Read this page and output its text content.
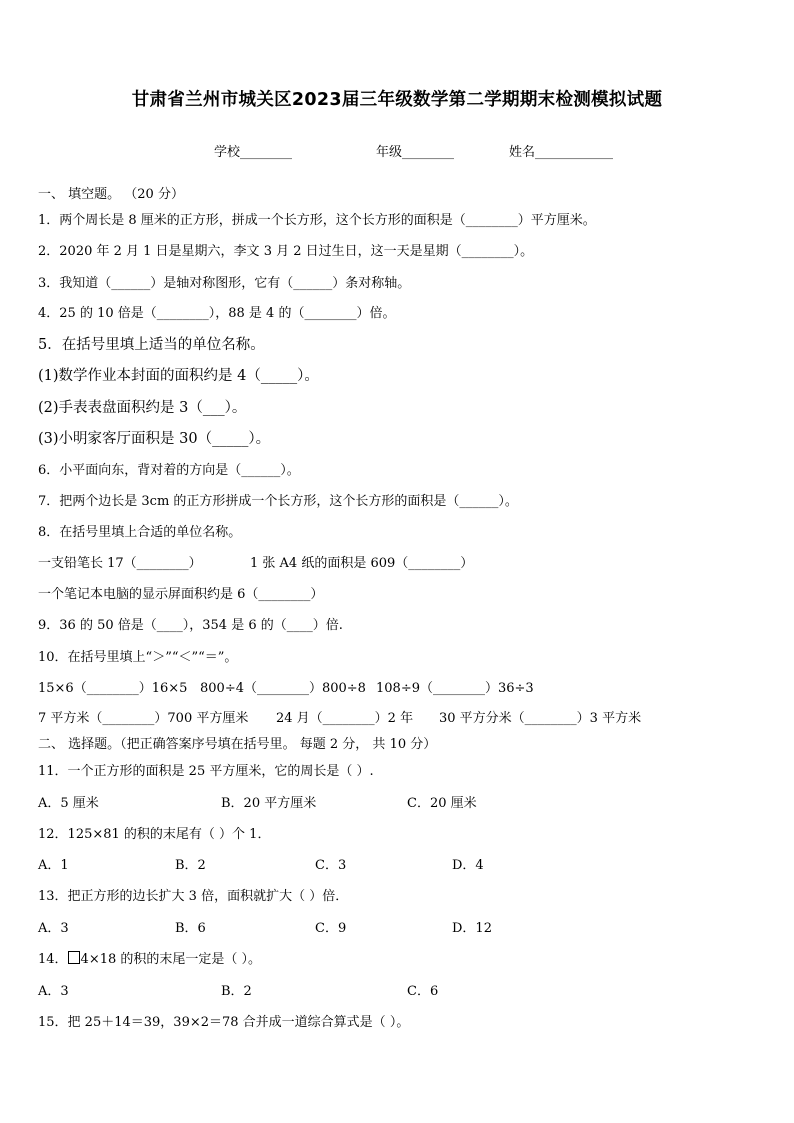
甘肃省兰州市城关区2023届三年级数学第二学期期末检测模拟试题
学校________	年级________	姓名____________
一、 填空题。 （20 分）
1．两个周长是 8 厘米的正方形，拼成一个长方形，这个长方形的面积是（________）平方厘米。
2．2020 年 2 月 1 日是星期六，李文 3 月 2 日过生日，这一天是星期（________）。
3．我知道（______）是轴对称图形，它有（______）条对称轴。
4．25 的 10 倍是（________），88 是 4 的（________）倍。
5．在括号里填上适当的单位名称。
(1)数学作业本封面的面积约是 4（_____）。
(2)手表表盘面积约是 3（___）。
(3)小明家客厅面积是 30（_____）。
6．小平面向东，背对着的方向是（______）。
7．把两个边长是 3cm 的正方形拼成一个长方形，这个长方形的面积是（______）。
8．在括号里填上合适的单位名称。
一支铅笔长 17（________）	1 张 A4 纸的面积是 609（________）
一个笔记本电脑的显示屏面积约是 6（________）
9．36 的 50 倍是（____），354 是 6 的（____）倍.
10．在括号里填上“＞”“＜”“＝”。
15×6（________）16×5 800÷4（________）800÷8 108÷9（________）36÷3
7 平方米（________）700 平方厘米 24 月（________）2 年 30 平方分米（________）3 平方米
二、 选择题。（把正确答案序号填在括号里。 每题 2 分， 共 10 分）
11．一个正方形的面积是 25 平方厘米，它的周长是（ ）.
A．5 厘米	B．20 平方厘米	C．20 厘米
12．125×81 的积的末尾有（ ）个 1．
A．1	B．2	C．3	D．4
13．把正方形的边长扩大 3 倍，面积就扩大（ ）倍．
A．3	B．6	C．9	D．12
14． 4×18 的积的末尾一定是（ ）。
A．3	B．2	C．6
15．把 25＋14＝39，39×2＝78 合并成一道综合算式是（ ）。
